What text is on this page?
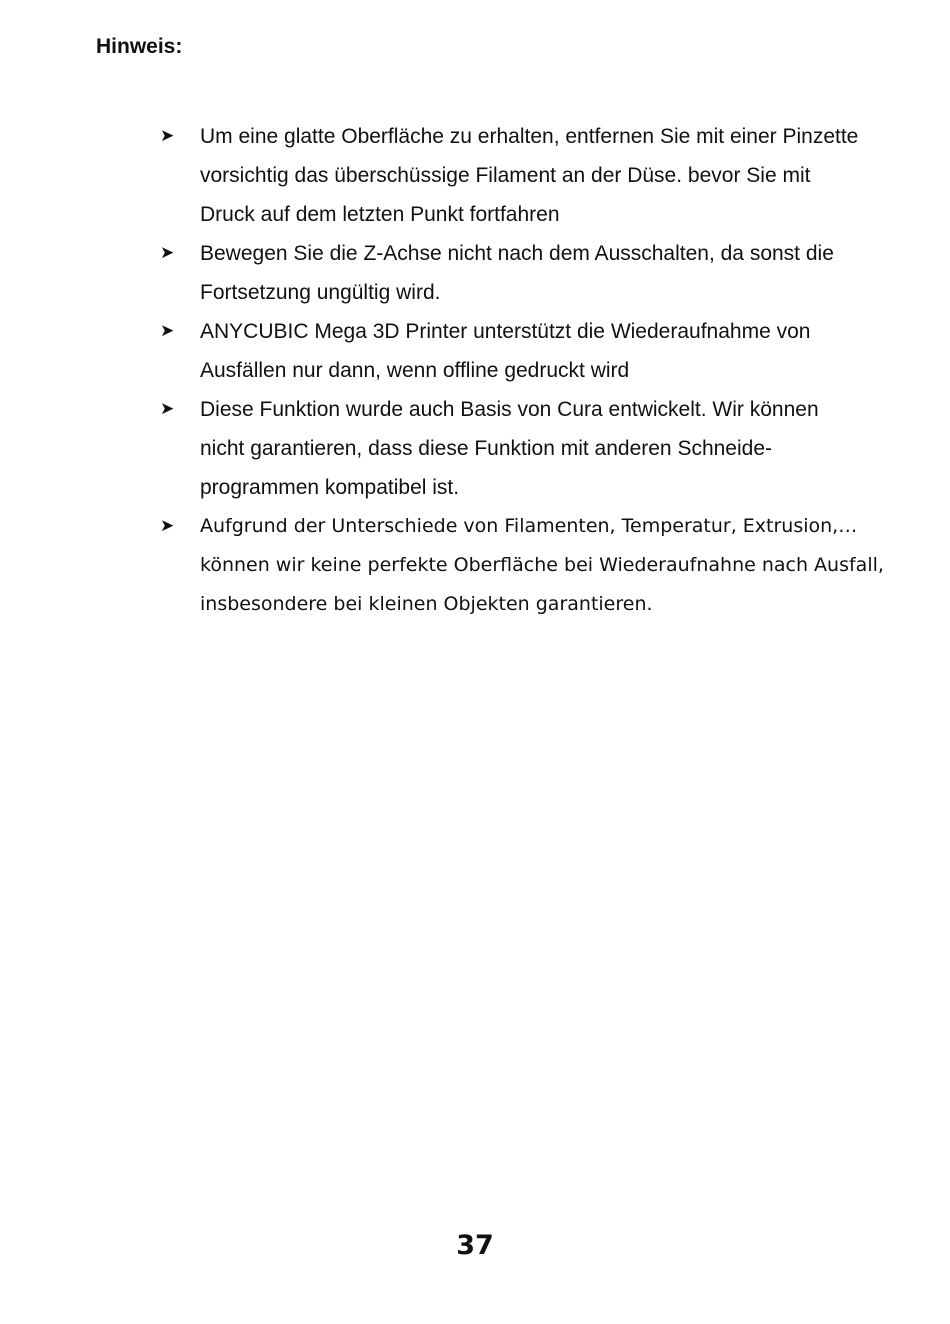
Hinweis:
➤	Um eine glatte Oberfläche zu erhalten, entfernen Sie mit einer Pinzette
vorsichtig das überschüssige Filament an der Düse. bevor Sie mit
Druck auf dem letzten Punkt fortfahren
➤	Bewegen Sie die Z-Achse nicht nach dem Ausschalten, da sonst die
Fortsetzung ungültig wird.
➤	ANYCUBIC Mega 3D Printer unterstützt die Wiederaufnahme von
Ausfällen nur dann, wenn offline gedruckt wird
➤	Diese Funktion wurde auch Basis von Cura entwickelt. Wir können
nicht garantieren, dass diese Funktion mit anderen Schneide-
programmen kompatibel ist.
➤	Aufgrund der Unterschiede von Filamenten, Temperatur, Extrusion,…
können wir keine perfekte Oberfläche bei Wiederaufnahne nach Ausfall,
insbesondere bei kleinen Objekten garantieren.

37
